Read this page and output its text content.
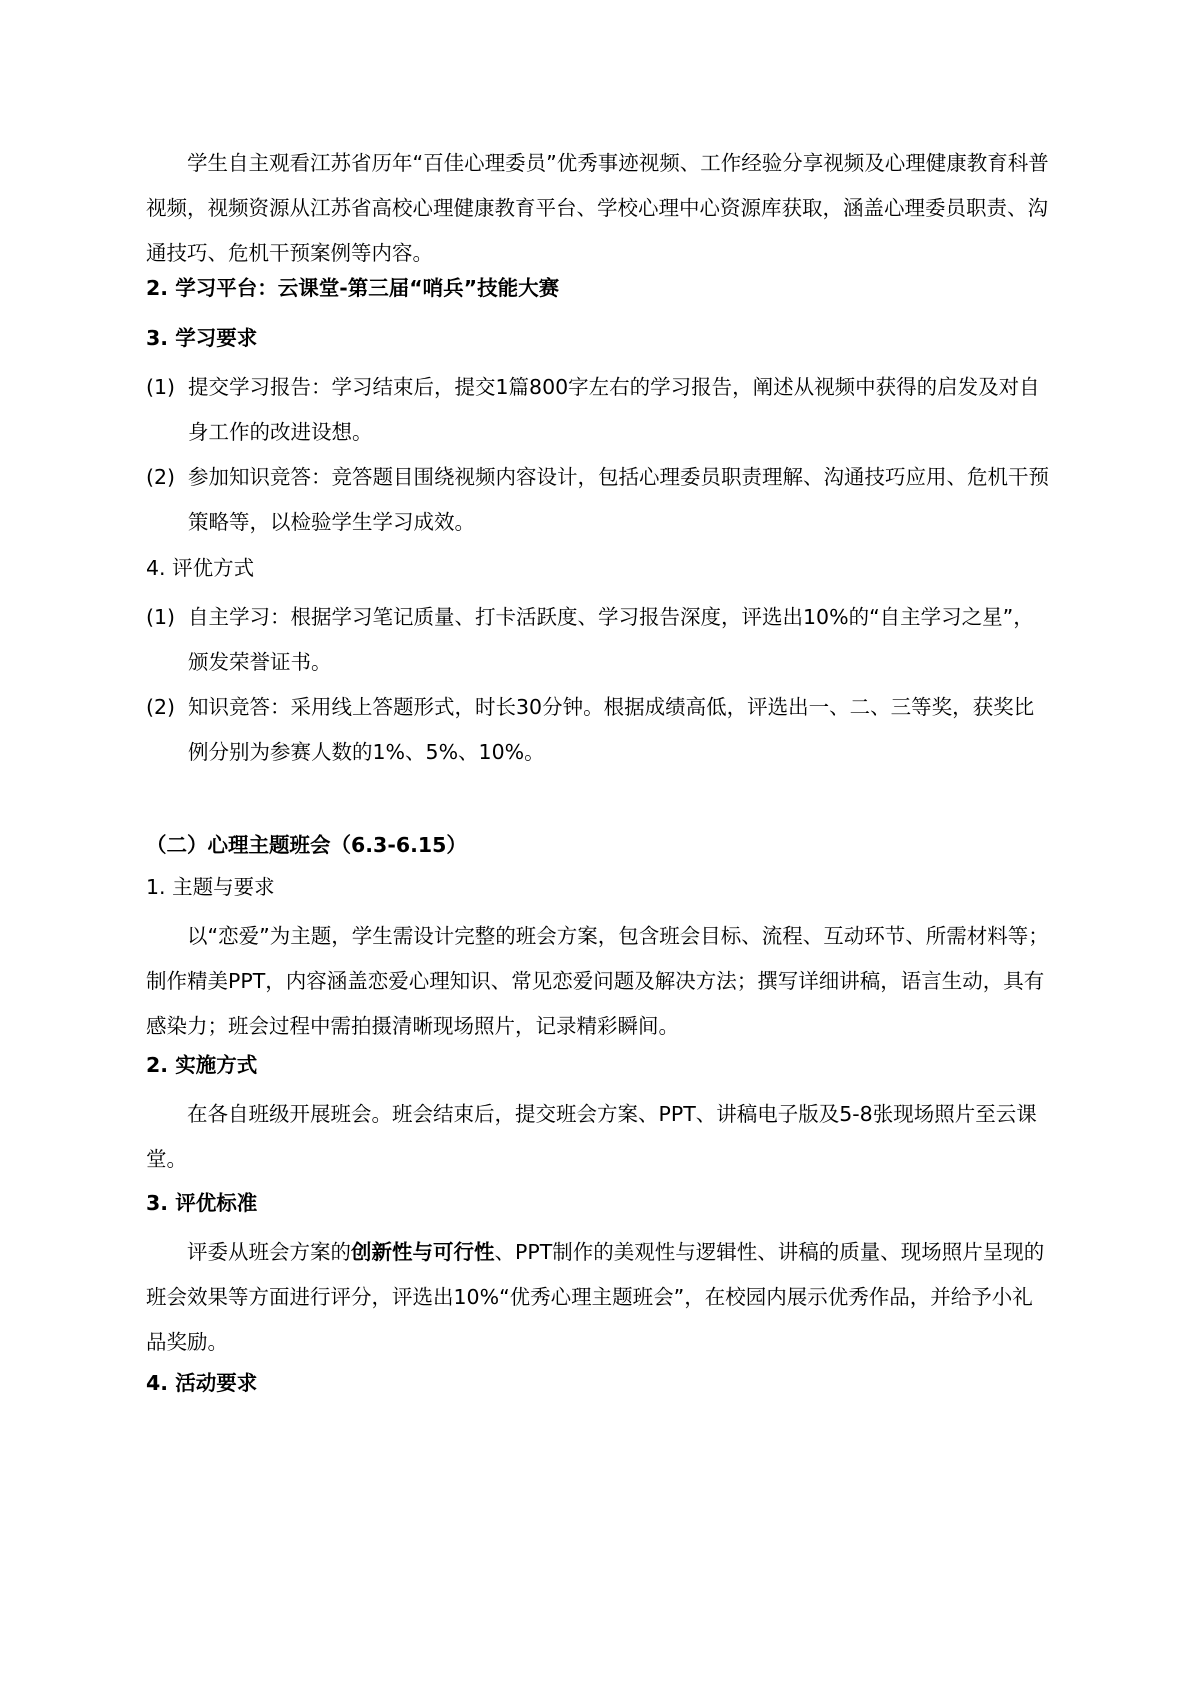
学生自主观看江苏省历年“百佳心理委员”优秀事迹视频、工作经验分享视频及心理健康教育科普视频，视频资源从江苏省高校心理健康教育平台、学校心理中心资源库获取，涵盖心理委员职责、沟通技巧、危机干预案例等内容。
2. 学习平台：云课堂-第三届“哨兵”技能大赛
3. 学习要求
(1) 提交学习报告：学习结束后，提交1篇800字左右的学习报告，阐述从视频中获得的启发及对自身工作的改进设想。
(2) 参加知识竞答：竞答题目围绕视频内容设计，包括心理委员职责理解、沟通技巧应用、危机干预策略等，以检验学生学习成效。
4. 评优方式
(1) 自主学习：根据学习笔记质量、打卡活跃度、学习报告深度，评选出10%的“自主学习之星”，颁发荣誉证书。
(2) 知识竞答：采用线上答题形式，时长30分钟。根据成绩高低，评选出一、二、三等奖，获奖比例分别为参赛人数的1%、5%、10%。
（二）心理主题班会（6.3-6.15）
1. 主题与要求
以“恋爱”为主题，学生需设计完整的班会方案，包含班会目标、流程、互动环节、所需材料等；制作精美PPT，内容涵盖恋爱心理知识、常见恋爱问题及解决方法；撰写详细讲稿，语言生动，具有感染力；班会过程中需拍摄清晰现场照片，记录精彩瞬间。
2. 实施方式
在各自班级开展班会。班会结束后，提交班会方案、PPT、讲稿电子版及5-8张现场照片至云课堂。
3. 评优标准
评委从班会方案的创新性与可行性、PPT制作的美观性与逻辑性、讲稿的质量、现场照片呈现的班会效果等方面进行评分，评选出10%“优秀心理主题班会”，在校园内展示优秀作品，并给予小礼品奖励。
4. 活动要求
